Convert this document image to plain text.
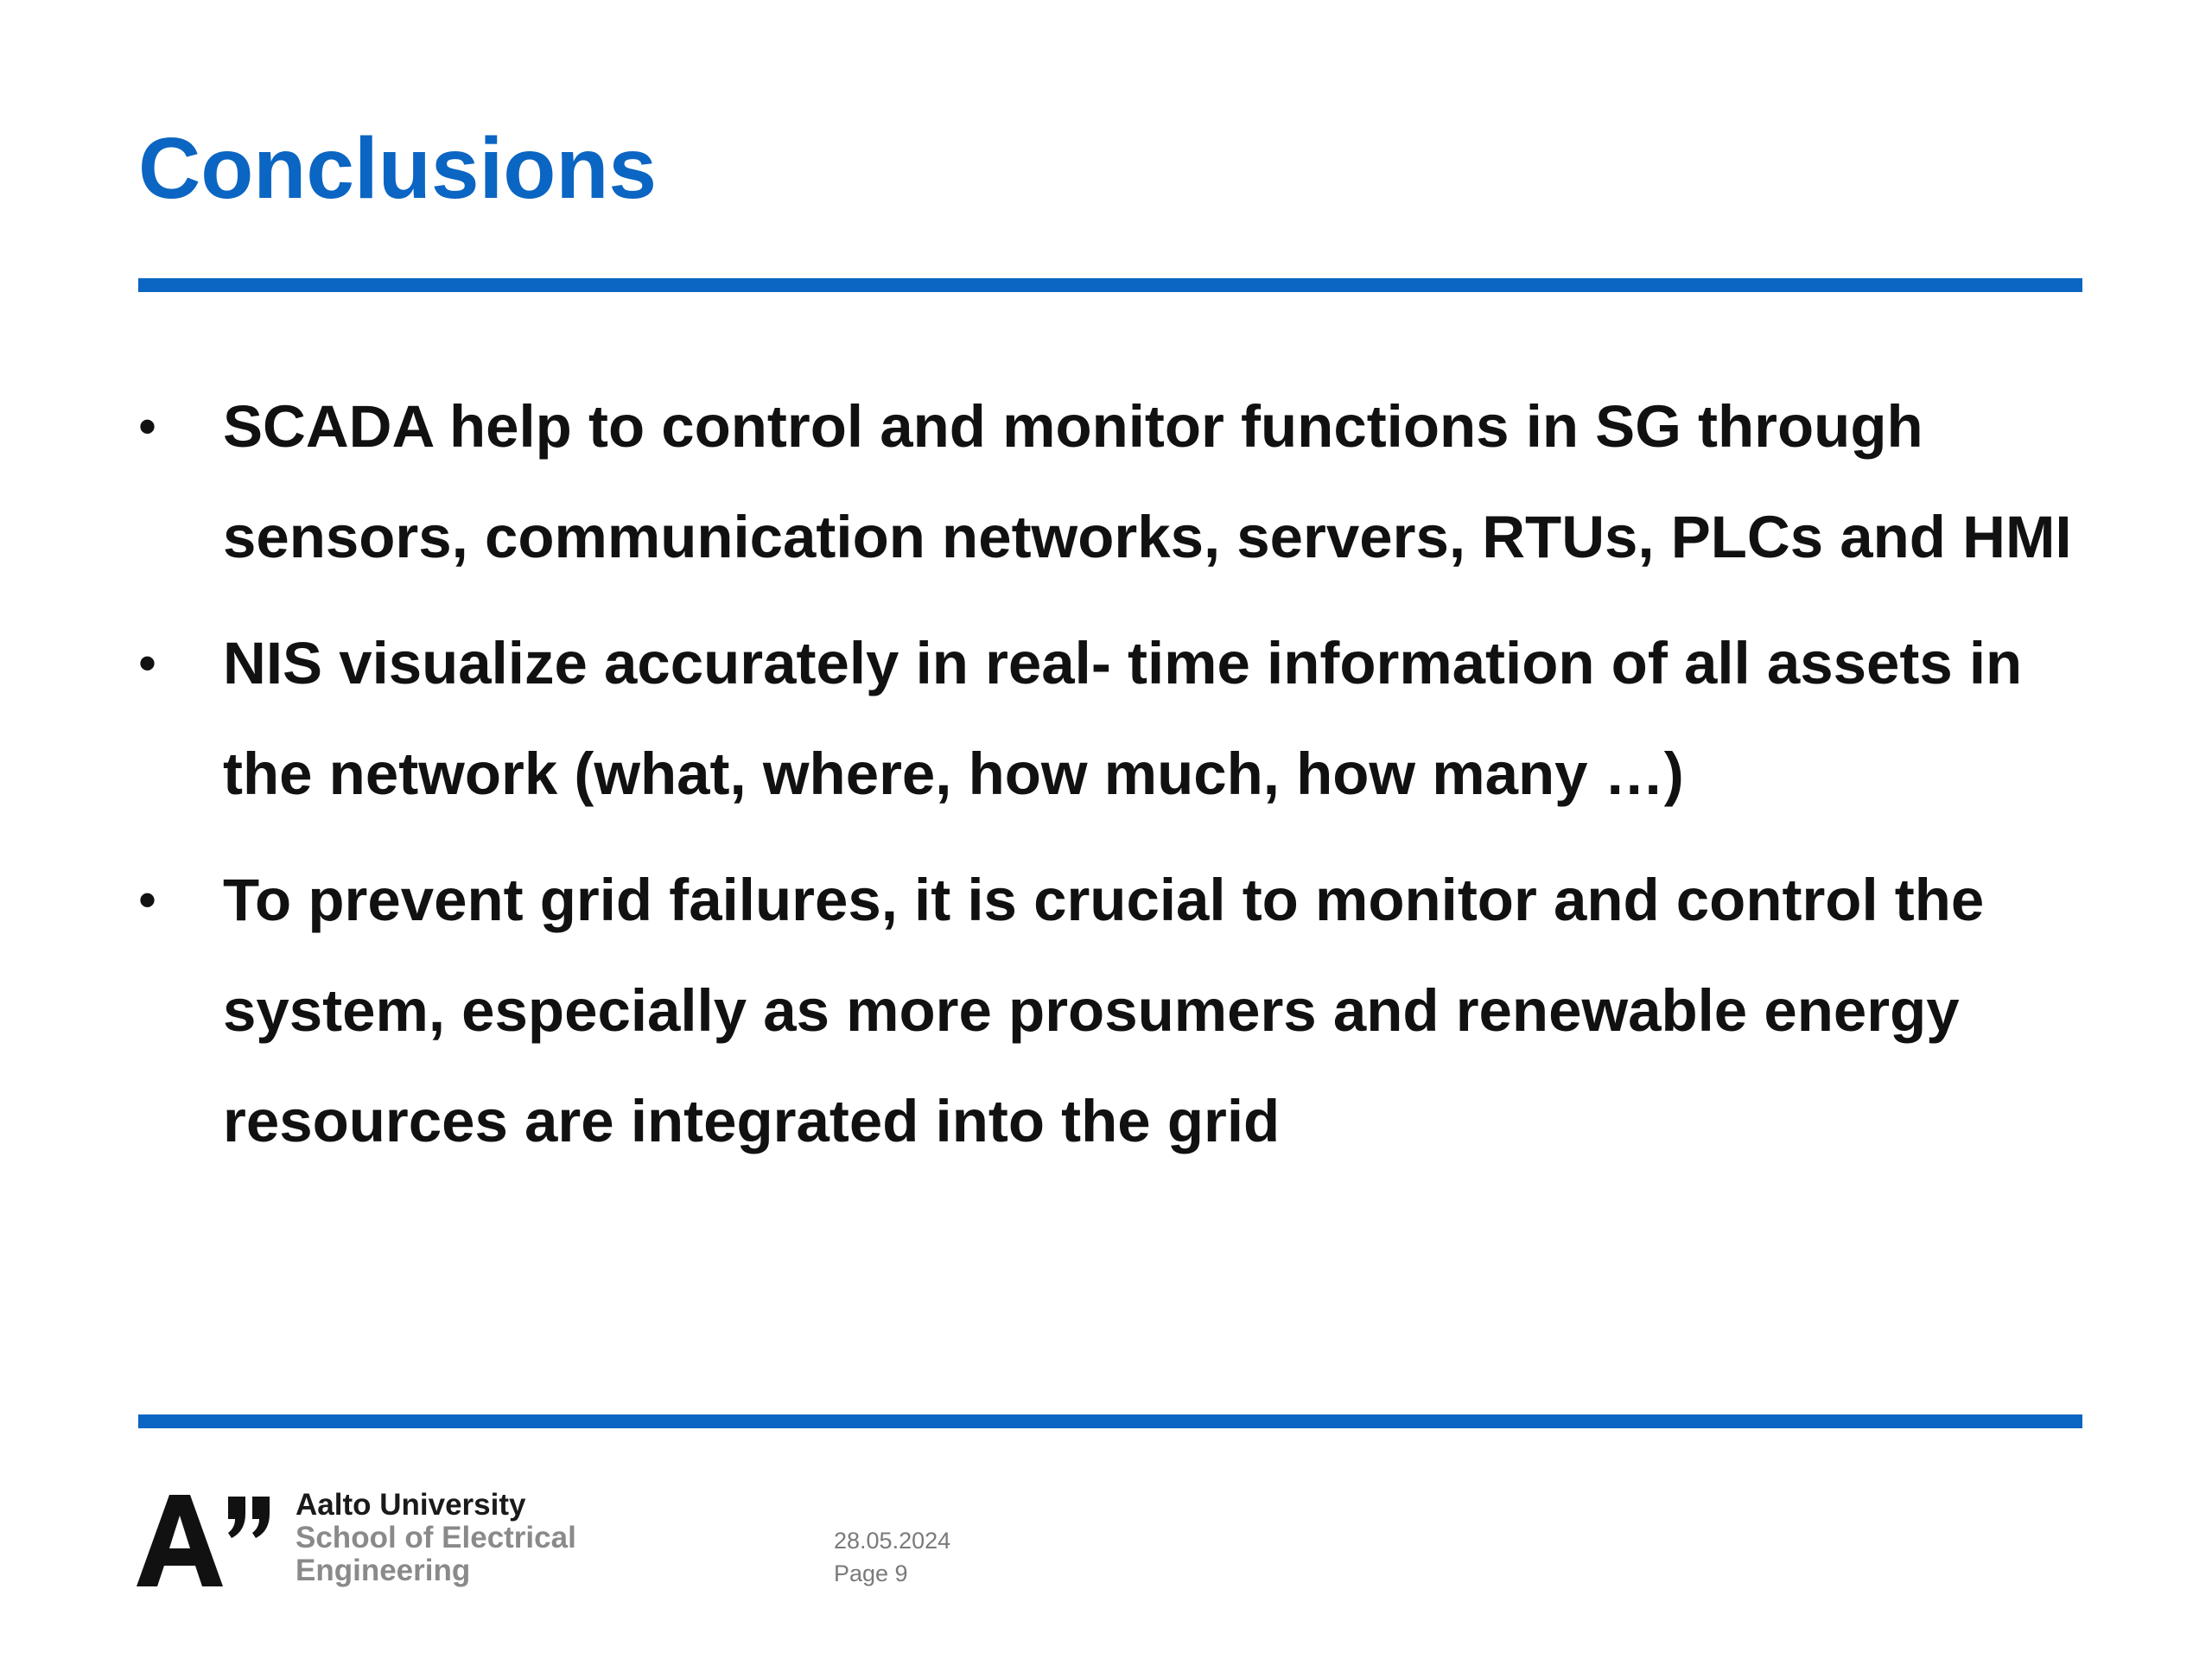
Conclusions
• SCADA help to control and monitor functions in SG through sensors, communication networks, servers, RTUs, PLCs and HMI
• NIS visualize accurately in real- time information of all assets in the network (what, where, how much, how many …)
• To prevent grid failures, it is crucial to monitor and control the system, especially as more prosumers and renewable energy resources are integrated into the grid
Aalto University
School of Electrical
Engineering
28.05.2024
Page 9
